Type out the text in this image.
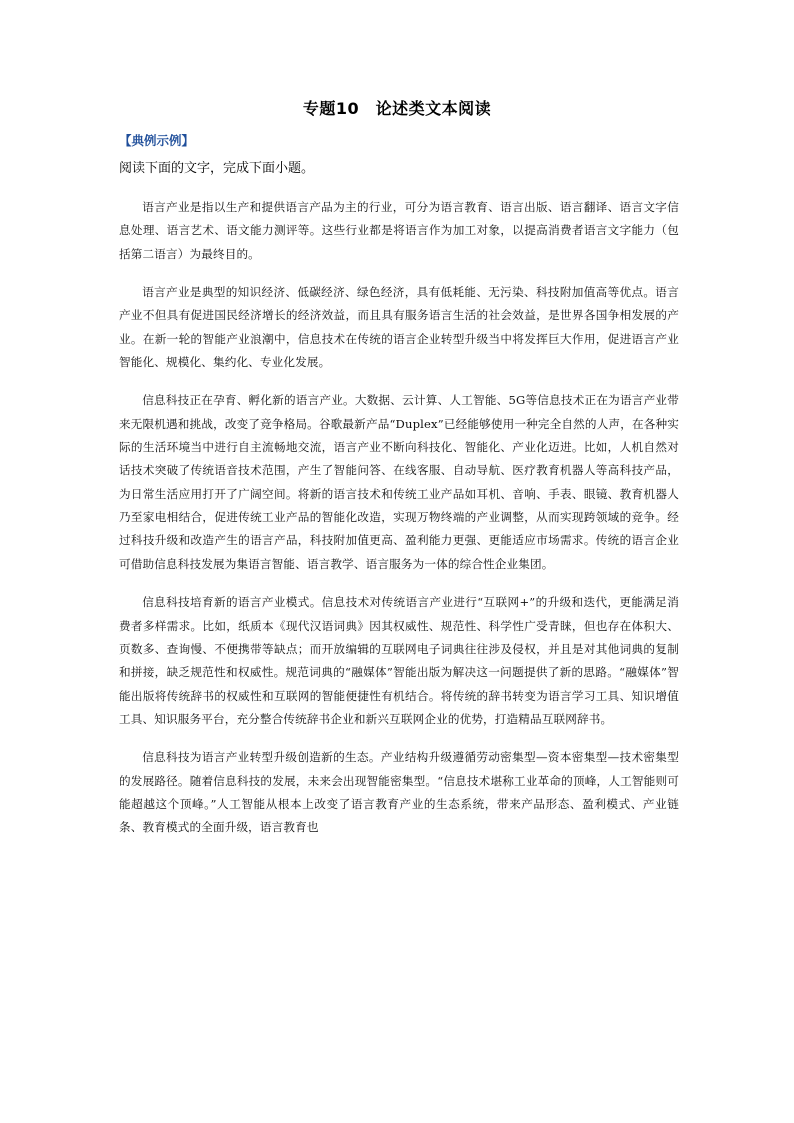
专题10　论述类文本阅读
【典例示例】
阅读下面的文字，完成下面小题。

语言产业是指以生产和提供语言产品为主的行业，可分为语言教育、语言出版、语言翻译、语言文字信息处理、语言艺术、语文能力测评等。这些行业都是将语言作为加工对象，以提高消费者语言文字能力（包括第二语言）为最终目的。

语言产业是典型的知识经济、低碳经济、绿色经济，具有低耗能、无污染、科技附加值高等优点。语言产业不但具有促进国民经济增长的经济效益，而且具有服务语言生活的社会效益，是世界各国争相发展的产业。在新一轮的智能产业浪潮中，信息技术在传统的语言企业转型升级当中将发挥巨大作用，促进语言产业智能化、规模化、集约化、专业化发展。

信息科技正在孕育、孵化新的语言产业。大数据、云计算、人工智能、5G等信息技术正在为语言产业带来无限机遇和挑战，改变了竞争格局。谷歌最新产品“Duplex”已经能够使用一种完全自然的人声，在各种实际的生活环境当中进行自主流畅地交流，语言产业不断向科技化、智能化、产业化迈进。比如，人机自然对话技术突破了传统语音技术范围，产生了智能问答、在线客服、自动导航、医疗教育机器人等高科技产品，为日常生活应用打开了广阔空间。将新的语言技术和传统工业产品如耳机、音响、手表、眼镜、教育机器人乃至家电相结合，促进传统工业产品的智能化改造，实现万物终端的产业调整，从而实现跨领域的竞争。经过科技升级和改造产生的语言产品，科技附加值更高、盈利能力更强、更能适应市场需求。传统的语言企业可借助信息科技发展为集语言智能、语言教学、语言服务为一体的综合性企业集团。

信息科技培育新的语言产业模式。信息技术对传统语言产业进行“互联网+”的升级和迭代，更能满足消费者多样需求。比如，纸质本《现代汉语词典》因其权威性、规范性、科学性广受青睐，但也存在体积大、页数多、查询慢、不便携带等缺点；而开放编辑的互联网电子词典往往涉及侵权，并且是对其他词典的复制和拼接，缺乏规范性和权威性。规范词典的“融媒体”智能出版为解决这一问题提供了新的思路。“融媒体”智能出版将传统辞书的权威性和互联网的智能便捷性有机结合。将传统的辞书转变为语言学习工具、知识增值工具、知识服务平台，充分整合传统辞书企业和新兴互联网企业的优势，打造精品互联网辞书。

信息科技为语言产业转型升级创造新的生态。产业结构升级遵循劳动密集型—资本密集型—技术密集型的发展路径。随着信息科技的发展，未来会出现智能密集型。“信息技术堪称工业革命的顶峰，人工智能则可能超越这个顶峰。”人工智能从根本上改变了语言教育产业的生态系统，带来产品形态、盈利模式、产业链条、教育模式的全面升级，语言教育也
